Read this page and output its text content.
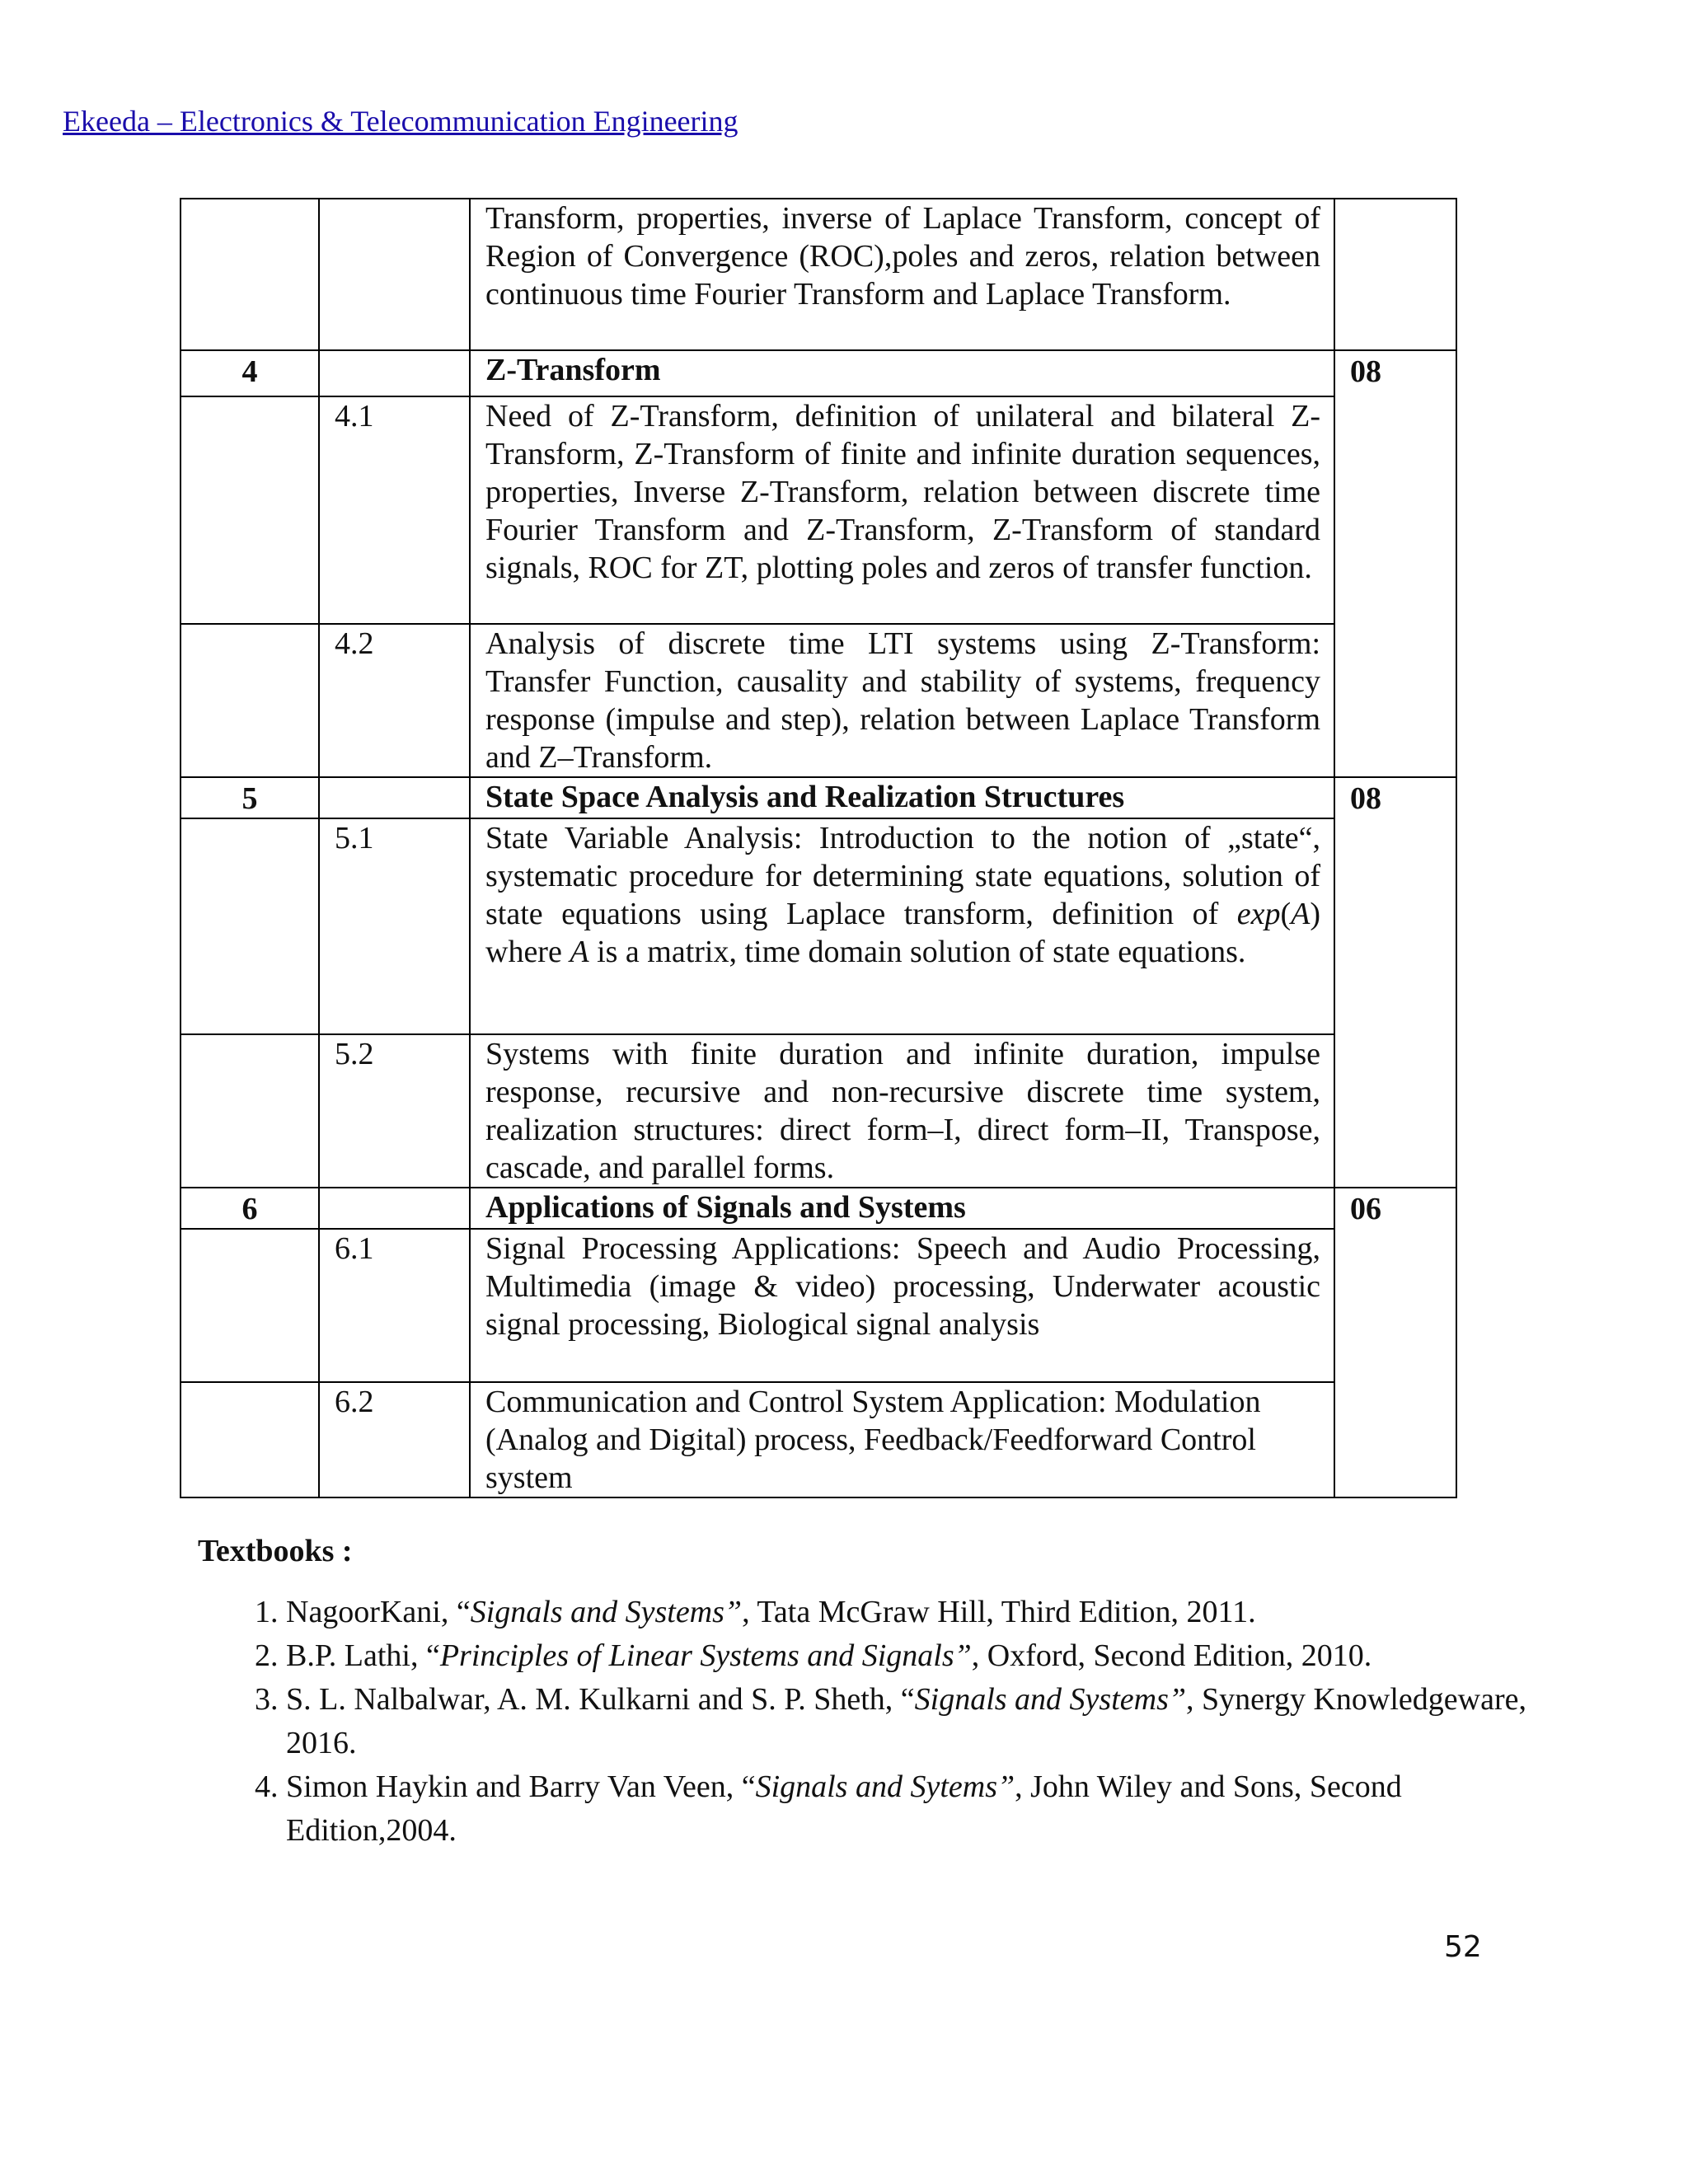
Ekeeda – Electronics & Telecommunication Engineering

		Transform, properties, inverse of Laplace Transform, concept of Region of Convergence (ROC),poles and zeros, relation between continuous time Fourier Transform and Laplace Transform.	

4		Z-Transform	08

	4.1	Need of Z-Transform, definition of unilateral and bilateral Z-Transform, Z-Transform of finite and infinite duration sequences, properties, Inverse Z-Transform, relation between discrete time Fourier Transform and Z-Transform, Z-Transform of standard signals, ROC for ZT, plotting poles and zeros of transfer function.	

	4.2	Analysis of discrete time LTI systems using Z-Transform: Transfer Function, causality and stability of systems, frequency response (impulse and step), relation between Laplace Transform and Z–Transform.	

5		State Space Analysis and Realization Structures	08

	5.1	State Variable Analysis: Introduction to the notion of „state“, systematic procedure for determining state equations, solution of state equations using Laplace transform, definition of exp(A) where A is a matrix, time domain solution of state equations.	

	5.2	Systems with finite duration and infinite duration, impulse response, recursive and non-recursive discrete time system, realization structures: direct form–I, direct form–II, Transpose, cascade, and parallel forms.	

6		Applications of Signals and Systems	06

	6.1	Signal Processing Applications: Speech and Audio Processing, Multimedia (image & video) processing, Underwater acoustic signal processing, Biological signal analysis	

	6.2	Communication and Control System Application: Modulation (Analog and Digital) process, Feedback/Feedforward Control system	
Textbooks :
1. NagoorKani, “Signals and Systems”, Tata McGraw Hill, Third Edition, 2011.
2. B.P. Lathi, “Principles of Linear Systems and Signals”, Oxford, Second Edition, 2010.
3. S. L. Nalbalwar, A. M. Kulkarni and S. P. Sheth, “Signals and Systems”, Synergy Knowledgeware, 2016.
4. Simon Haykin and Barry Van Veen, “Signals and Sytems”, John Wiley and Sons, Second Edition,2004.
52
